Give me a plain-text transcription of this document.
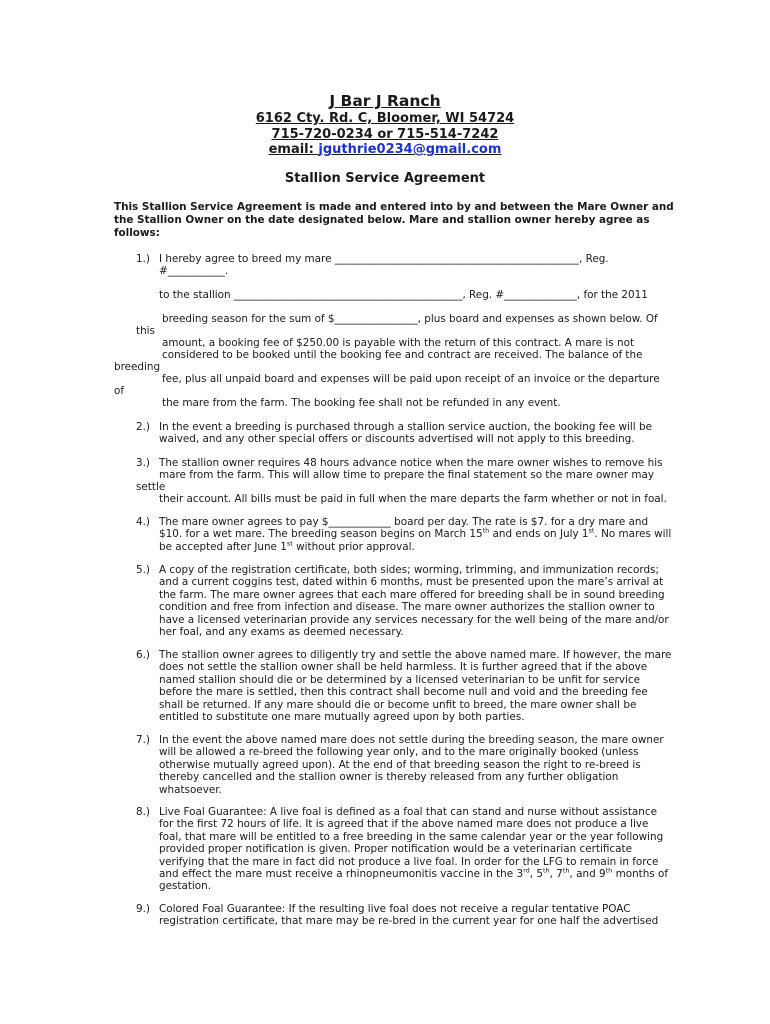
J Bar J Ranch
6162 Cty. Rd. C, Bloomer, WI 54724
715-720-0234 or 715-514-7242
email: jguthrie0234@gmail.com
Stallion Service Agreement
This Stallion Service Agreement is made and entered into by and between the Mare Owner and
the Stallion Owner on the date designated below. Mare and stallion owner hereby agree as
follows:
1.) I hereby agree to breed my mare _______________________________________________, Reg.
#___________.
to the stallion ____________________________________________, Reg. #______________, for the 2011
breeding season for the sum of $________________, plus board and expenses as shown below. Of
this
amount, a booking fee of $250.00 is payable with the return of this contract. A mare is not
considered to be booked until the booking fee and contract are received. The balance of the
breeding
fee, plus all unpaid board and expenses will be paid upon receipt of an invoice or the departure
of
the mare from the farm. The booking fee shall not be refunded in any event.
2.) In the event a breeding is purchased through a stallion service auction, the booking fee will be
waived, and any other special offers or discounts advertised will not apply to this breeding.
3.) The stallion owner requires 48 hours advance notice when the mare owner wishes to remove his
mare from the farm. This will allow time to prepare the final statement so the mare owner may
settle
their account. All bills must be paid in full when the mare departs the farm whether or not in foal.
4.) The mare owner agrees to pay $____________ board per day. The rate is $7. for a dry mare and
$10. for a wet mare. The breeding season begins on March 15th and ends on July 1st. No mares will
be accepted after June 1st without prior approval.
5.) A copy of the registration certificate, both sides; worming, trimming, and immunization records;
and a current coggins test, dated within 6 months, must be presented upon the mare’s arrival at
the farm. The mare owner agrees that each mare offered for breeding shall be in sound breeding
condition and free from infection and disease. The mare owner authorizes the stallion owner to
have a licensed veterinarian provide any services necessary for the well being of the mare and/or
her foal, and any exams as deemed necessary.
6.) The stallion owner agrees to diligently try and settle the above named mare. If however, the mare
does not settle the stallion owner shall be held harmless. It is further agreed that if the above
named stallion should die or be determined by a licensed veterinarian to be unfit for service
before the mare is settled, then this contract shall become null and void and the breeding fee
shall be returned. If any mare should die or become unfit to breed, the mare owner shall be
entitled to substitute one mare mutually agreed upon by both parties.
7.) In the event the above named mare does not settle during the breeding season, the mare owner
will be allowed a re-breed the following year only, and to the mare originally booked (unless
otherwise mutually agreed upon). At the end of that breeding season the right to re-breed is
thereby cancelled and the stallion owner is thereby released from any further obligation
whatsoever.
8.) Live Foal Guarantee: A live foal is defined as a foal that can stand and nurse without assistance
for the first 72 hours of life. It is agreed that if the above named mare does not produce a live
foal, that mare will be entitled to a free breeding in the same calendar year or the year following
provided proper notification is given. Proper notification would be a veterinarian certificate
verifying that the mare in fact did not produce a live foal. In order for the LFG to remain in force
and effect the mare must receive a rhinopneumonitis vaccine in the 3rd, 5th, 7th, and 9th months of
gestation.
9.) Colored Foal Guarantee: If the resulting live foal does not receive a regular tentative POAC
registration certificate, that mare may be re-bred in the current year for one half the advertised
